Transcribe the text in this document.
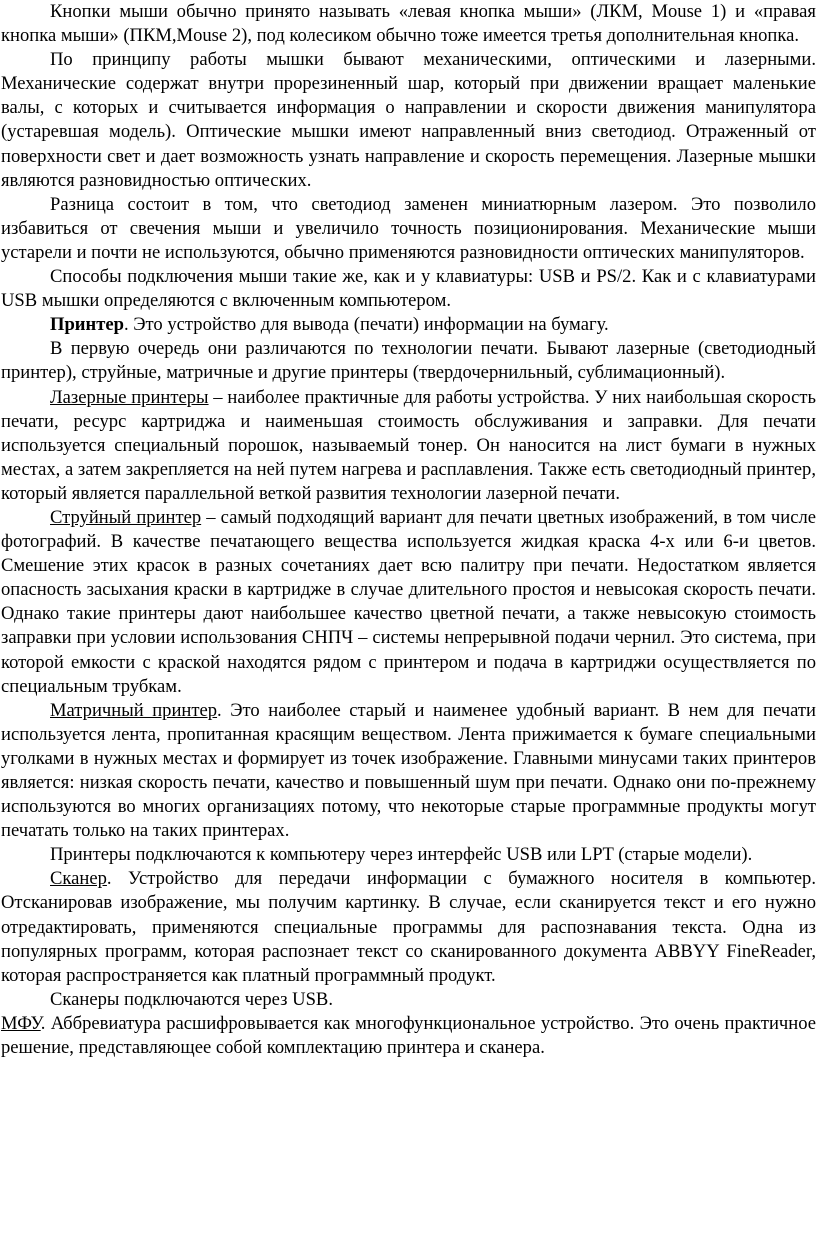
Кнопки мыши обычно принято называть «левая кнопка мыши» (ЛКМ, Mouse 1) и «правая кнопка мыши» (ПКМ,Mouse 2), под колесиком обычно тоже имеется третья дополнительная кнопка.

По принципу работы мышки бывают механическими, оптическими и лазерными. Механические содержат внутри прорезиненный шар, который при движении вращает маленькие валы, с которых и считывается информация о направлении и скорости движения манипулятора (устаревшая модель). Оптические мышки имеют направленный вниз светодиод. Отраженный от поверхности свет и дает возможность узнать направление и скорость перемещения. Лазерные мышки являются разновидностью оптических.

Разница состоит в том, что светодиод заменен миниатюрным лазером. Это позволило избавиться от свечения мыши и увеличило точность позиционирования. Механические мыши устарели и почти не используются, обычно применяются разновидности оптических манипуляторов.

Способы подключения мыши такие же, как и у клавиатуры: USB и PS/2. Как и с клавиатурами USB мышки определяются с включенным компьютером.

Принтер. Это устройство для вывода (печати) информации на бумагу.

В первую очередь они различаются по технологии печати. Бывают лазерные (светодиодный принтер), струйные, матричные и другие принтеры (твердочернильный, сублимационный).

Лазерные принтеры – наиболее практичные для работы устройства. У них наибольшая скорость печати, ресурс картриджа и наименьшая стоимость обслуживания и заправки. Для печати используется специальный порошок, называемый тонер. Он наносится на лист бумаги в нужных местах, а затем закрепляется на ней путем нагрева и расплавления. Также есть светодиодный принтер, который является параллельной веткой развития технологии лазерной печати.

Струйный принтер – самый подходящий вариант для печати цветных изображений, в том числе фотографий. В качестве печатающего вещества используется жидкая краска 4-х или 6-и цветов. Смешение этих красок в разных сочетаниях дает всю палитру при печати. Недостатком является опасность засыхания краски в картридже в случае длительного простоя и невысокая скорость печати. Однако такие принтеры дают наибольшее качество цветной печати, а также невысокую стоимость заправки при условии использования СНПЧ – системы непрерывной подачи чернил. Это система, при которой емкости с краской находятся рядом с принтером и подача в картриджи осуществляется по специальным трубкам.

Матричный принтер. Это наиболее старый и наименее удобный вариант. В нем для печати используется лента, пропитанная красящим веществом. Лента прижимается к бумаге специальными уголками в нужных местах и формирует из точек изображение. Главными минусами таких принтеров является: низкая скорость печати, качество и повышенный шум при печати. Однако они по-прежнему используются во многих организациях потому, что некоторые старые программные продукты могут печатать только на таких принтерах.

Принтеры подключаются к компьютеру через интерфейс USB или LPT (старые модели).

Сканер. Устройство для передачи информации с бумажного носителя в компьютер. Отсканировав изображение, мы получим картинку. В случае, если сканируется текст и его нужно отредактировать, применяются специальные программы для распознавания текста. Одна из популярных программ, которая распознает текст со сканированного документа ABBYY FineReader, которая распространяется как платный программный продукт.

Сканеры подключаются через USB.

МФУ. Аббревиатура расшифровывается как многофункциональное устройство. Это очень практичное решение, представляющее собой комплектацию принтера и сканера.
